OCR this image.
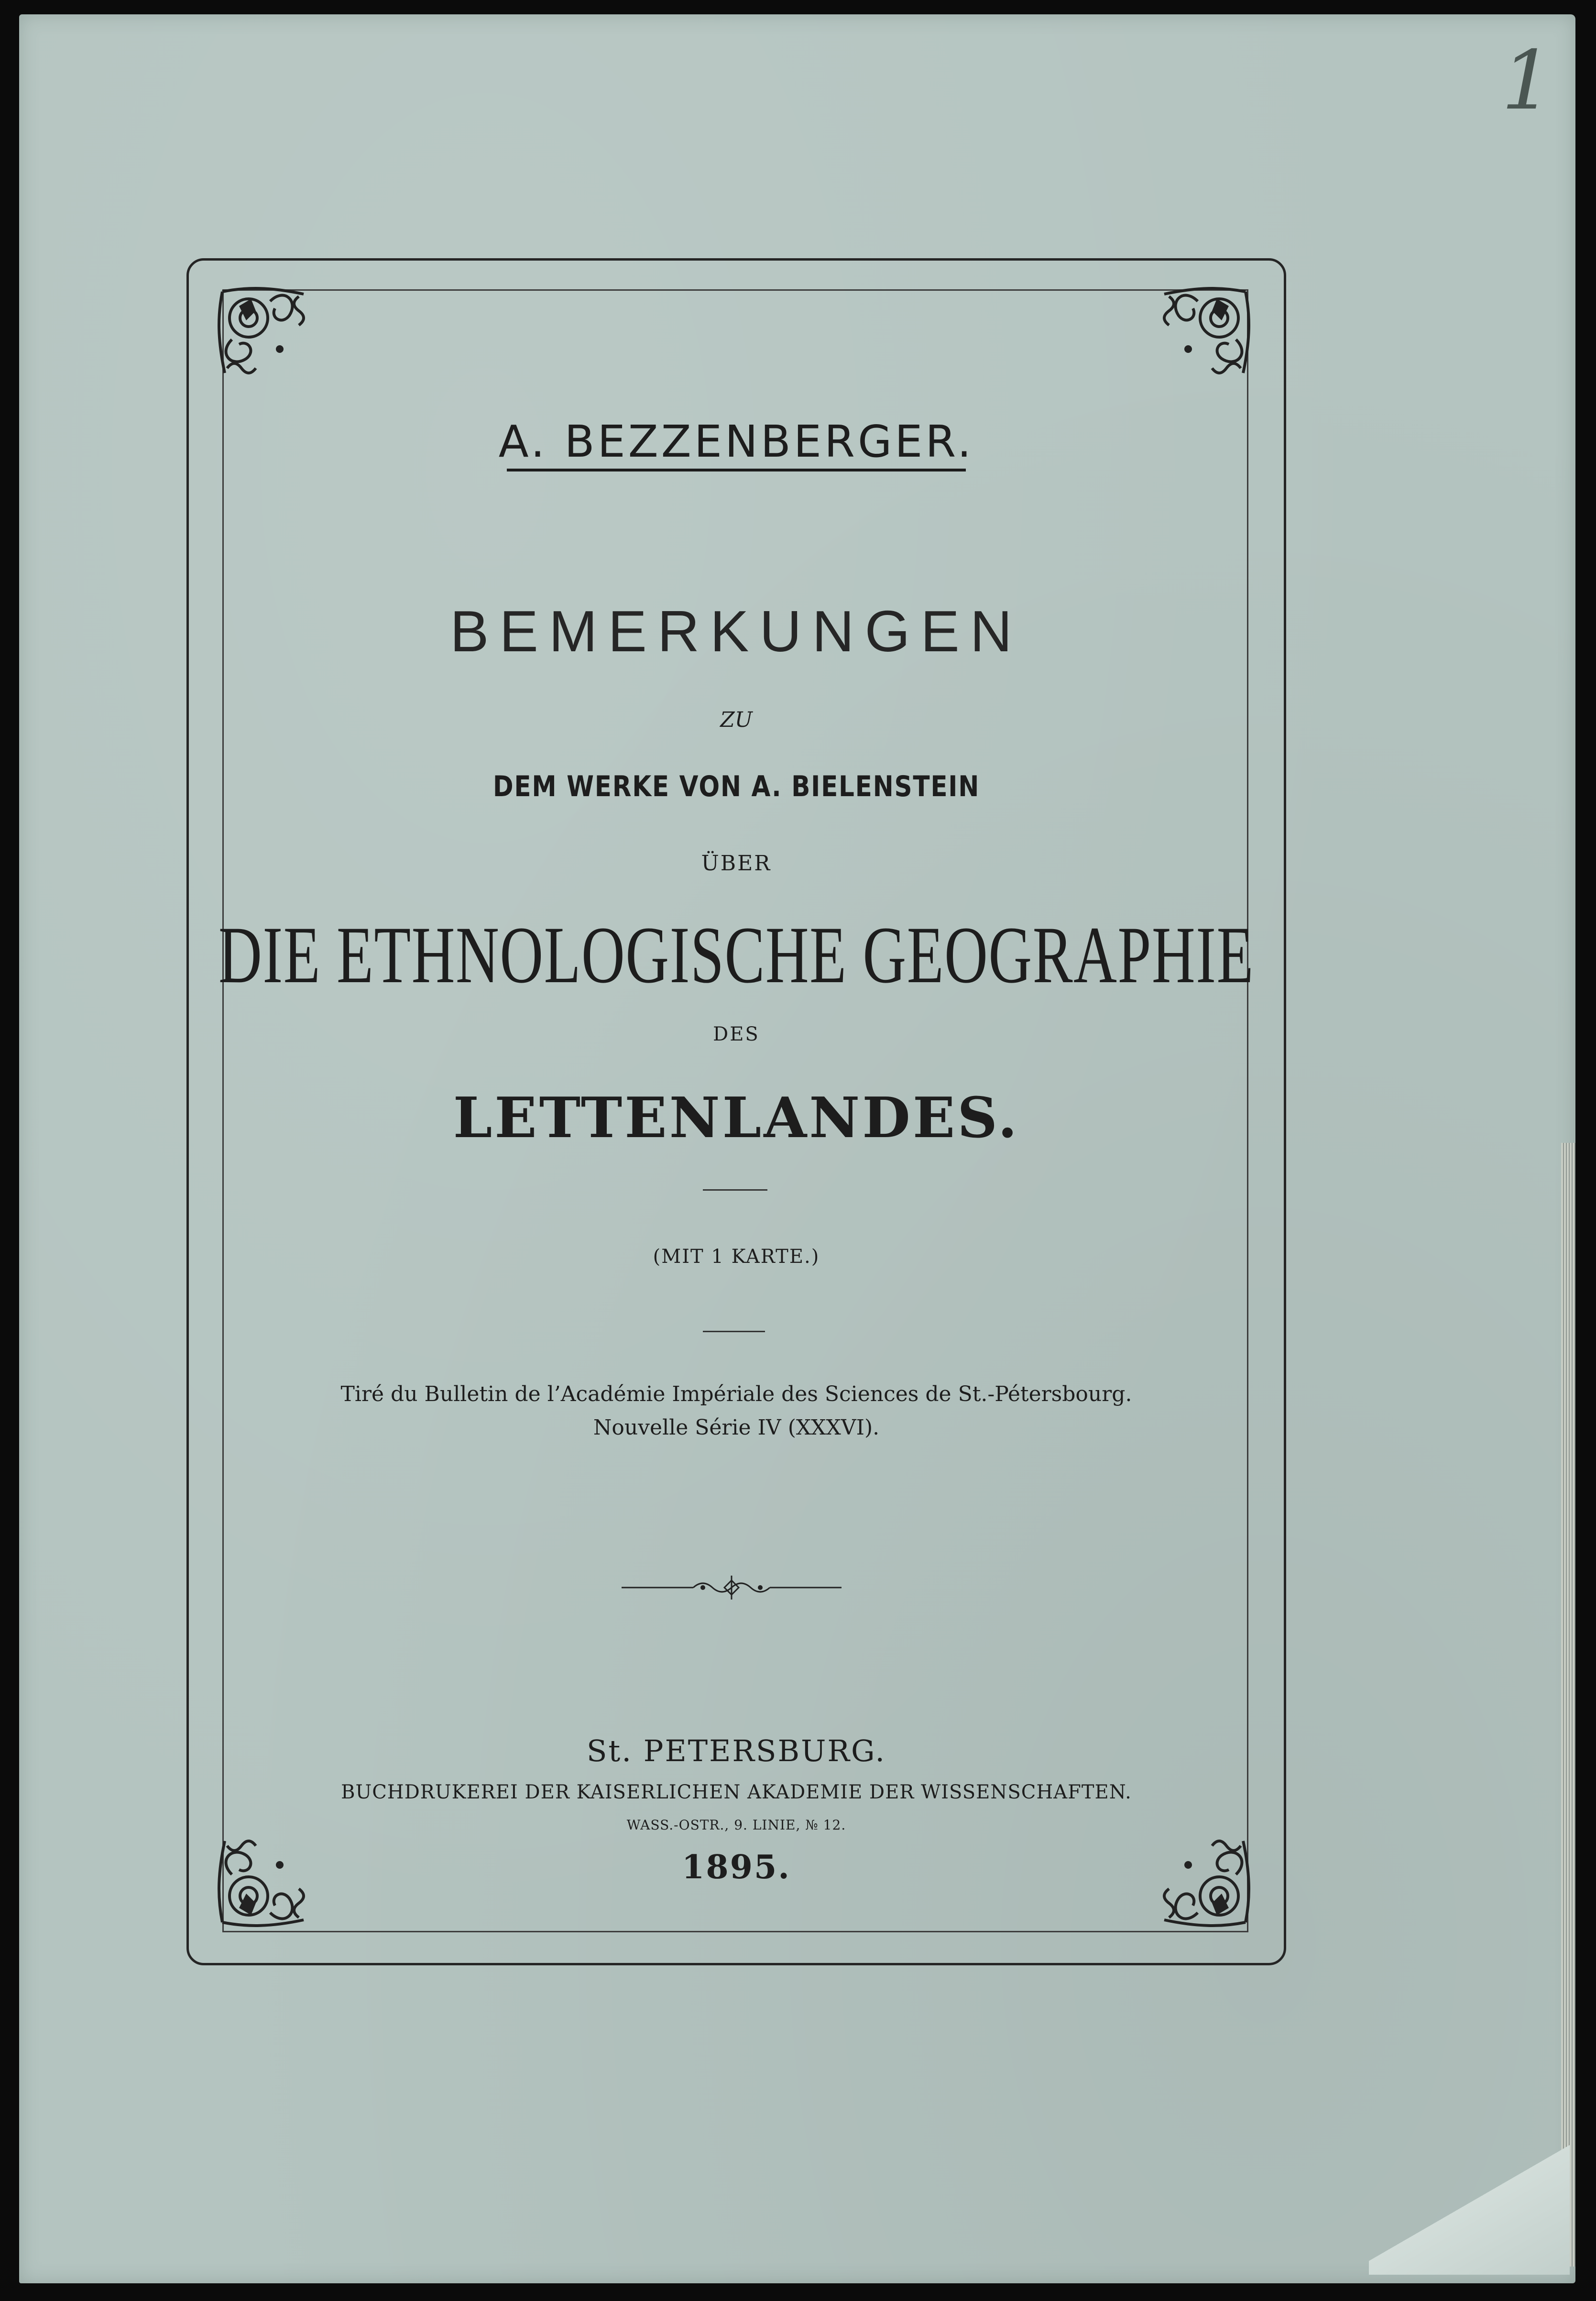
1
A. BEZZENBERGER.
BEMERKUNGEN
ZU
DEM WERKE VON A. BIELENSTEIN
ÜBER
DIE ETHNOLOGISCHE GEOGRAPHIE
DES
LETTENLANDES.
(MIT 1 KARTE.)
Tiré du Bulletin de l’Académie Impériale des Sciences de St.-Pétersbourg.
Nouvelle Série IV (XXXVI).
St. PETERSBURG.
BUCHDRUKEREI DER KAISERLICHEN AKADEMIE DER WISSENSCHAFTEN.
WASS.-OSTR., 9. LINIE, № 12.
1895.
